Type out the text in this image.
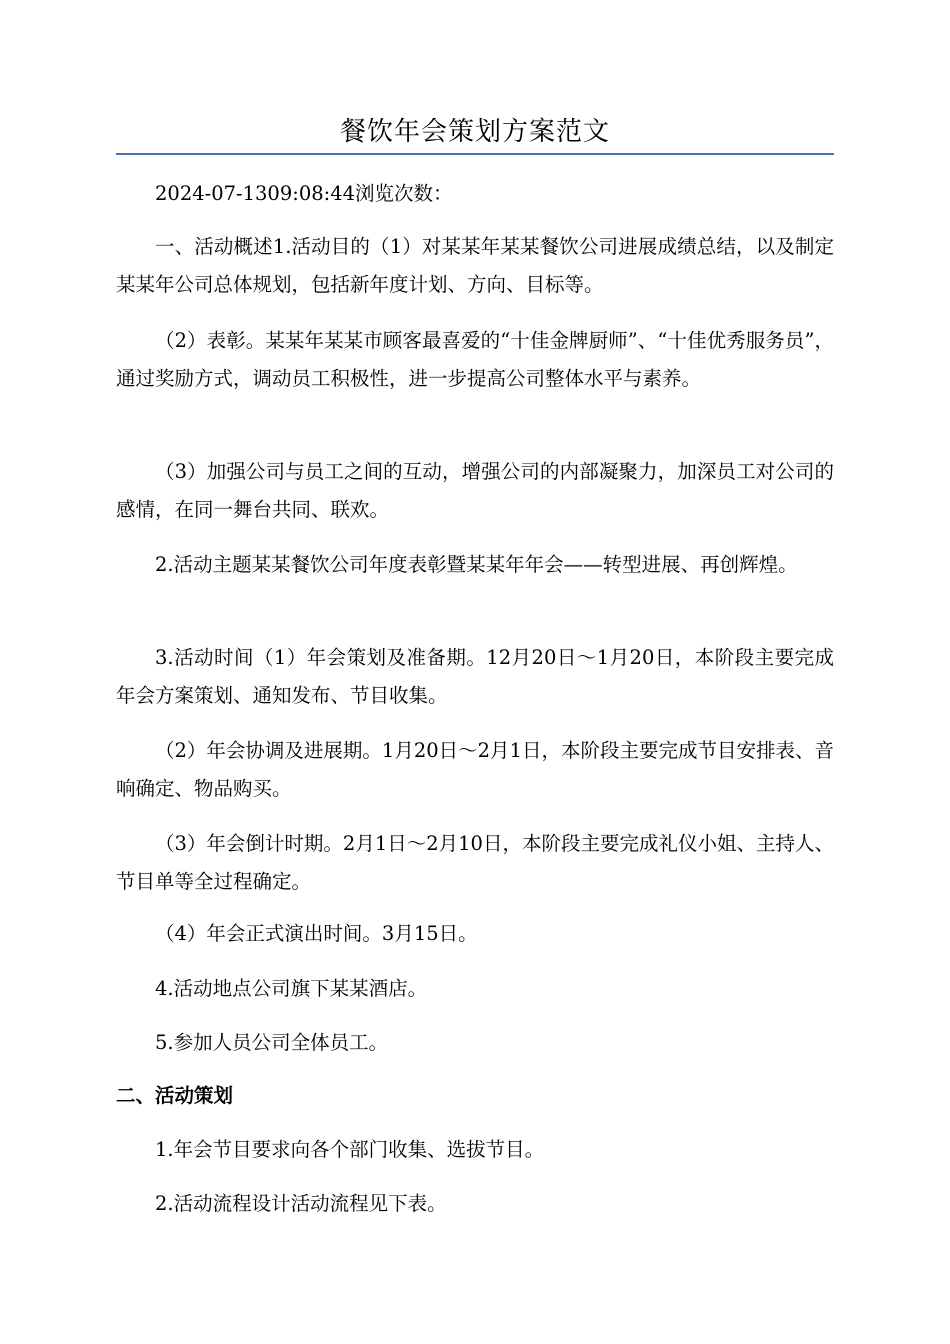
餐饮年会策划方案范文

2024-07-1309:08:44浏览次数：

一、活动概述1.活动目的（1）对某某年某某餐饮公司进展成绩总结，以及制定某某年公司总体规划，包括新年度计划、方向、目标等。

（2）表彰。某某年某某市顾客最喜爱的“十佳金牌厨师”、“十佳优秀服务员”，通过奖励方式，调动员工积极性，进一步提高公司整体水平与素养。

（3）加强公司与员工之间的互动，增强公司的内部凝聚力，加深员工对公司的感情，在同一舞台共同、联欢。

2.活动主题某某餐饮公司年度表彰暨某某年年会——转型进展、再创辉煌。

3.活动时间（1）年会策划及准备期。12月20日～1月20日，本阶段主要完成年会方案策划、通知发布、节目收集。

（2）年会协调及进展期。1月20日～2月1日，本阶段主要完成节目安排表、音响确定、物品购买。

（3）年会倒计时期。2月1日～2月10日，本阶段主要完成礼仪小姐、主持人、节目单等全过程确定。

（4）年会正式演出时间。3月15日。

4.活动地点公司旗下某某酒店。

5.参加人员公司全体员工。

二、活动策划

1.年会节目要求向各个部门收集、选拔节目。

2.活动流程设计活动流程见下表。
